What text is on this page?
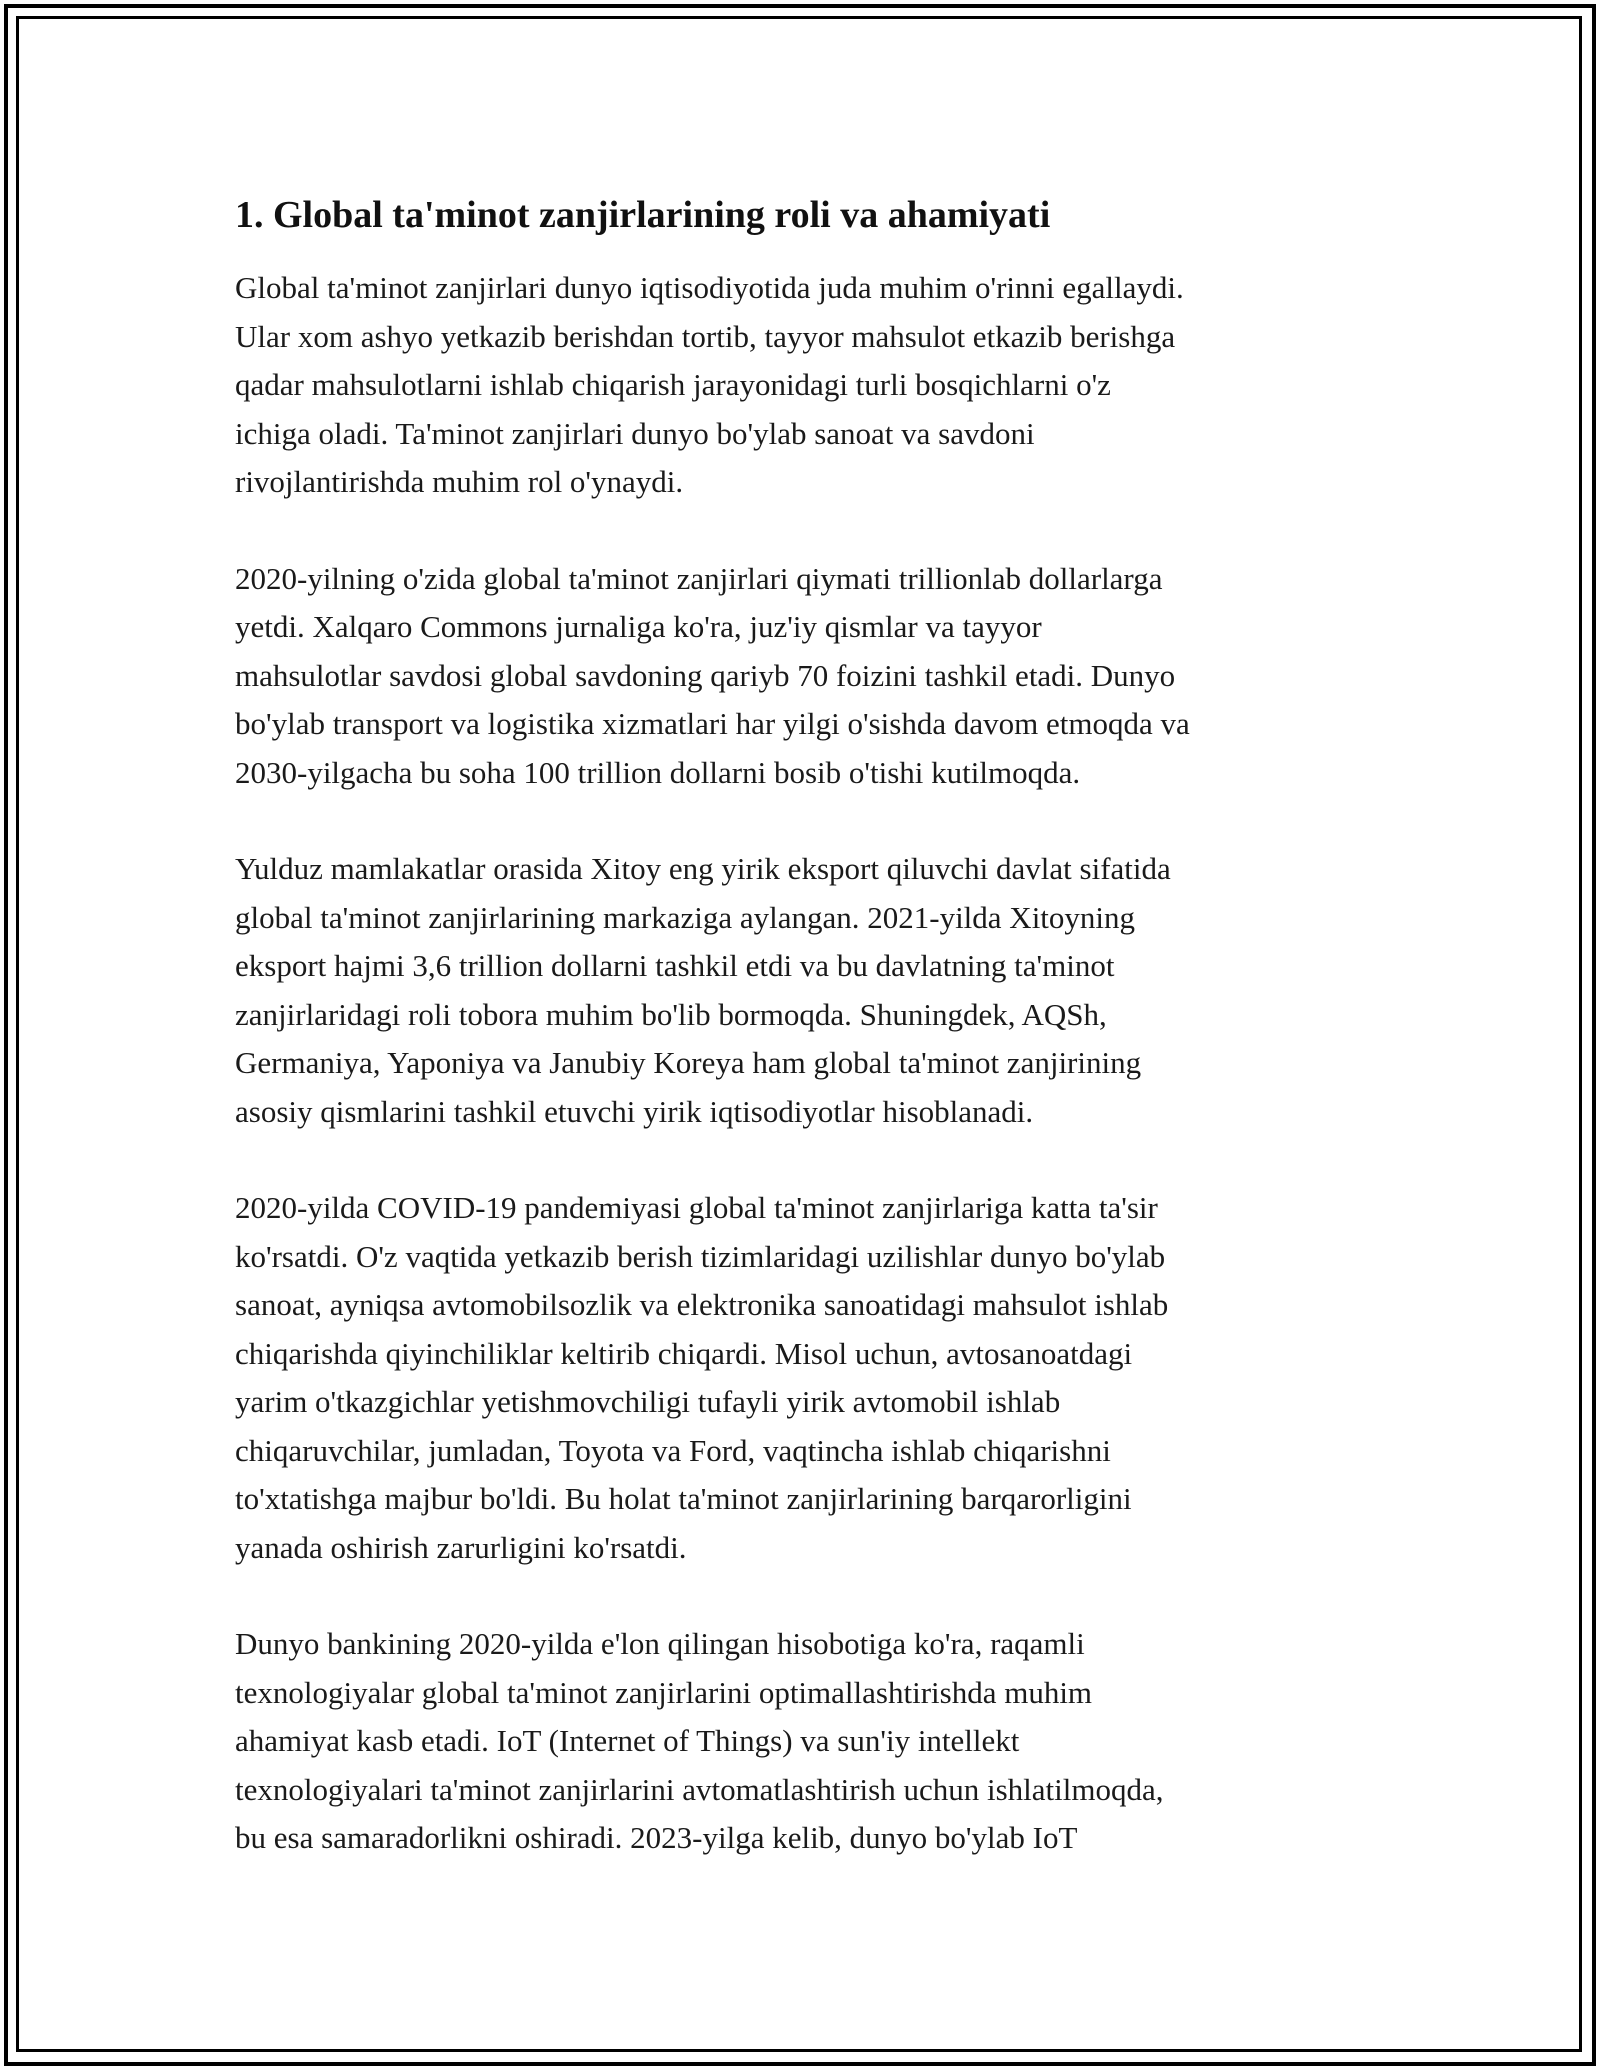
1. Global ta'minot zanjirlarining roli va ahamiyati

Global ta'minot zanjirlari dunyo iqtisodiyotida juda muhim o'rinni egallaydi.
Ular xom ashyo yetkazib berishdan tortib, tayyor mahsulot etkazib berishga
qadar mahsulotlarni ishlab chiqarish jarayonidagi turli bosqichlarni o'z
ichiga oladi. Ta'minot zanjirlari dunyo bo'ylab sanoat va savdoni
rivojlantirishda muhim rol o'ynaydi.

2020-yilning o'zida global ta'minot zanjirlari qiymati trillionlab dollarlarga
yetdi. Xalqaro Commons jurnaliga ko'ra, juz'iy qismlar va tayyor
mahsulotlar savdosi global savdoning qariyb 70 foizini tashkil etadi. Dunyo
bo'ylab transport va logistika xizmatlari har yilgi o'sishda davom etmoqda va
2030-yilgacha bu soha 100 trillion dollarni bosib o'tishi kutilmoqda.

Yulduz mamlakatlar orasida Xitoy eng yirik eksport qiluvchi davlat sifatida
global ta'minot zanjirlarining markaziga aylangan. 2021-yilda Xitoyning
eksport hajmi 3,6 trillion dollarni tashkil etdi va bu davlatning ta'minot
zanjirlaridagi roli tobora muhim bo'lib bormoqda. Shuningdek, AQSh,
Germaniya, Yaponiya va Janubiy Koreya ham global ta'minot zanjirining
asosiy qismlarini tashkil etuvchi yirik iqtisodiyotlar hisoblanadi.

2020-yilda COVID-19 pandemiyasi global ta'minot zanjirlariga katta ta'sir
ko'rsatdi. O'z vaqtida yetkazib berish tizimlaridagi uzilishlar dunyo bo'ylab
sanoat, ayniqsa avtomobilsozlik va elektronika sanoatidagi mahsulot ishlab
chiqarishda qiyinchiliklar keltirib chiqardi. Misol uchun, avtosanoatdagi
yarim o'tkazgichlar yetishmovchiligi tufayli yirik avtomobil ishlab
chiqaruvchilar, jumladan, Toyota va Ford, vaqtincha ishlab chiqarishni
to'xtatishga majbur bo'ldi. Bu holat ta'minot zanjirlarining barqarorligini
yanada oshirish zarurligini ko'rsatdi.

Dunyo bankining 2020-yilda e'lon qilingan hisobotiga ko'ra, raqamli
texnologiyalar global ta'minot zanjirlarini optimallashtirishda muhim
ahamiyat kasb etadi. IoT (Internet of Things) va sun'iy intellekt
texnologiyalari ta'minot zanjirlarini avtomatlashtirish uchun ishlatilmoqda,
bu esa samaradorlikni oshiradi. 2023-yilga kelib, dunyo bo'ylab IoT
